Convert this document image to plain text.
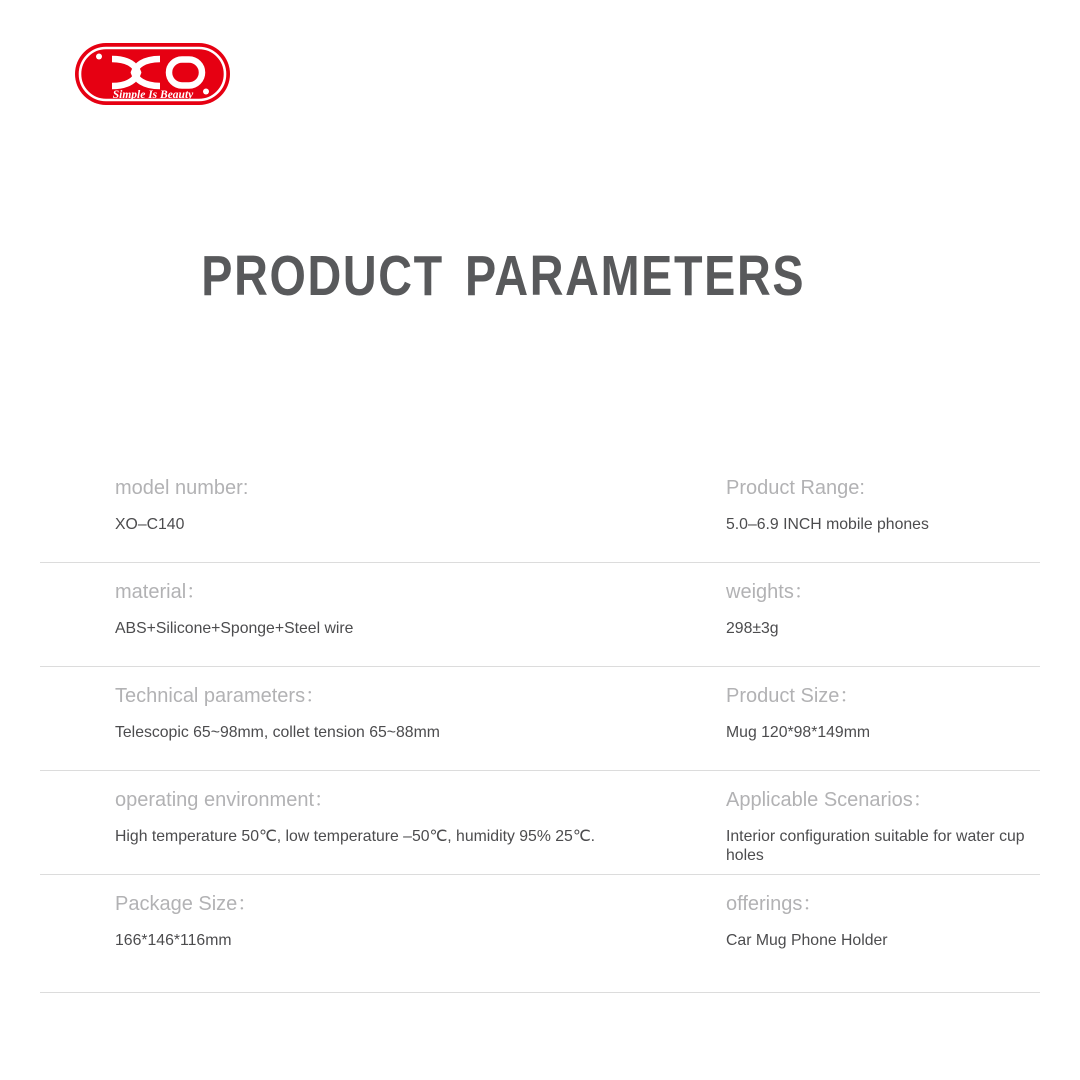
Simple Is Beauty
PRODUCT PARAMETERS
model number:
XO–C140
Product Range:
5.0–6.9 INCH mobile phones
material：
ABS+Silicone+Sponge+Steel wire
weights：
298±3g
Technical parameters：
Telescopic 65~98mm, collet tension 65~88mm
Product Size：
Mug 120*98*149mm
operating environment：
High temperature 50℃, low temperature –50℃, humidity 95% 25℃.
Applicable Scenarios：
Interior configuration suitable for water cup holes
Package Size：
166*146*116mm
offerings：
Car Mug Phone Holder
